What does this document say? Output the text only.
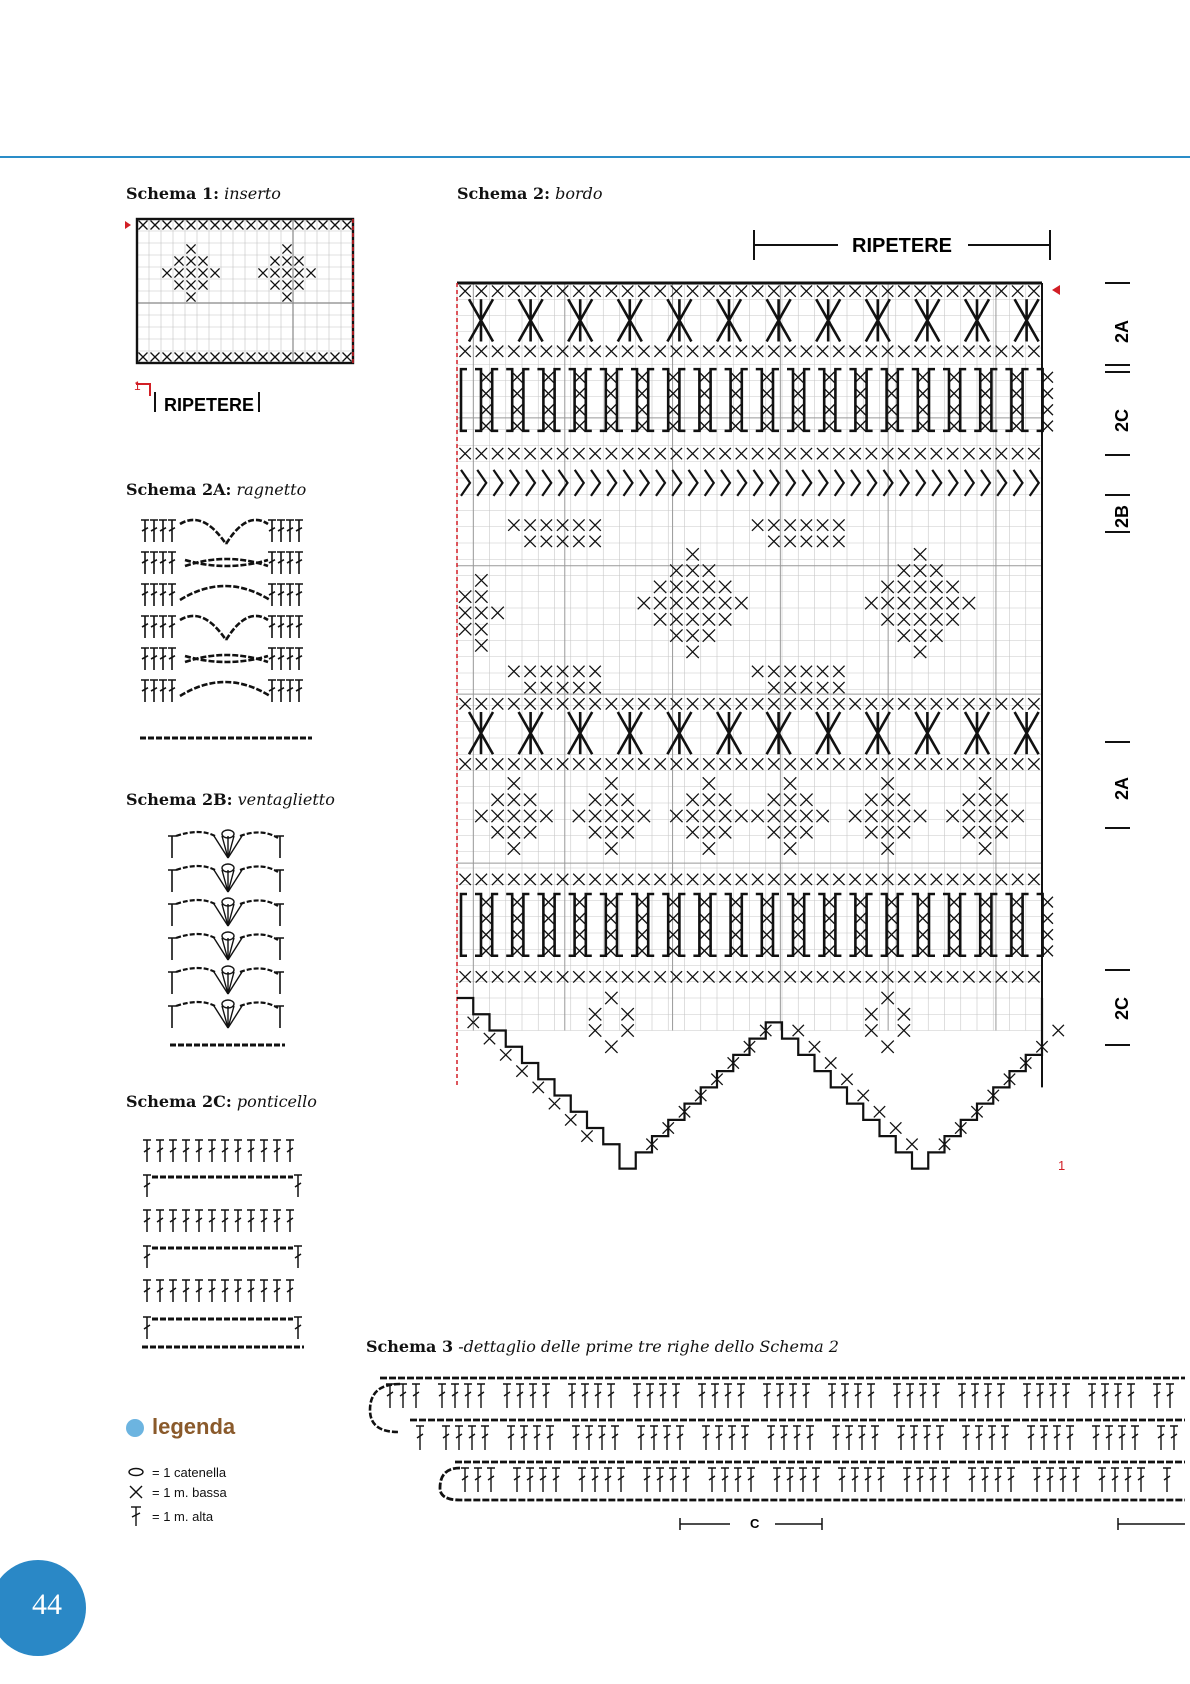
Schema 1: inserto	Schema 2: bordo
Schema 2A: ragnetto
Schema 2B: ventaglietto
Schema 2C: ponticello
Schema 3 -dettaglio delle prime tre righe dello Schema 2
RIPETERE
1
RIPETERE
2A
2C
2B
2A
2C
1
C
legenda
= 1 catenella
= 1 m. bassa
= 1 m. alta
44
